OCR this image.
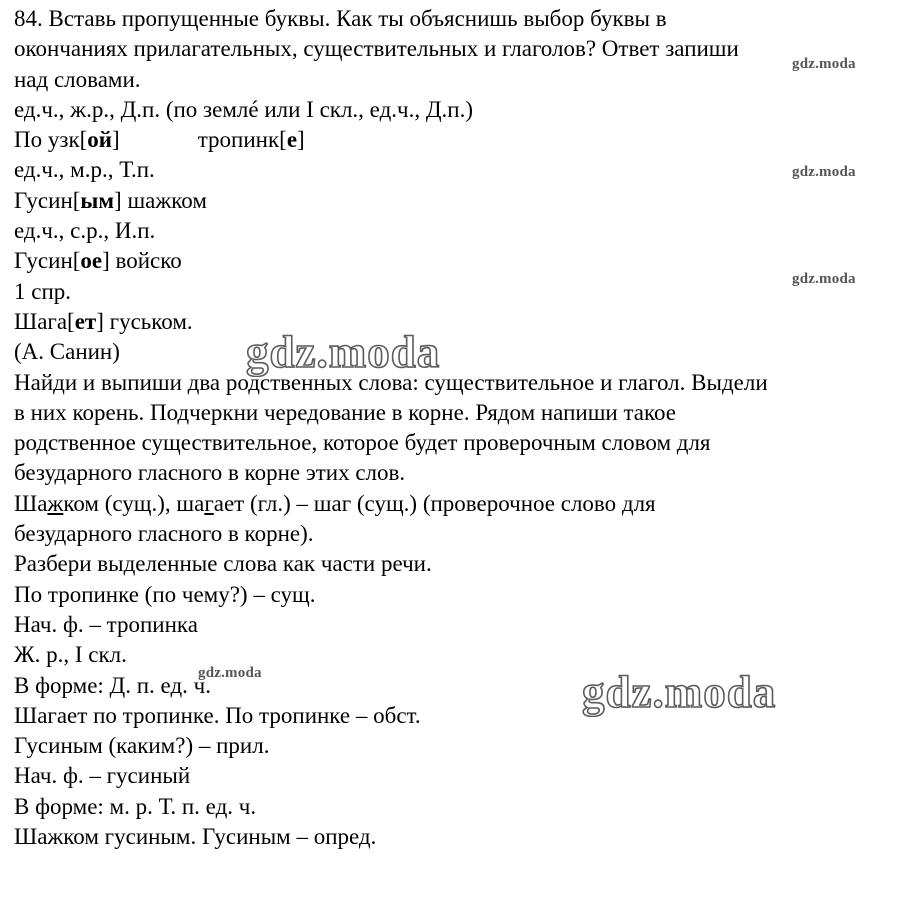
84. Вставь пропущенные буквы. Как ты объяснишь выбор буквы в

окончаниях прилагательных, существительных и глаголов? Ответ запиши

над словами.

ед.ч., ж.р., Д.п. (по землé или I скл., ед.ч., Д.п.)

По узк[ой]	тропинк[е]

ед.ч., м.р., Т.п.

Гусин[ым] шажком

ед.ч., с.р., И.п.

Гусин[ое] войско

1 спр.

Шага[ет] гуськом.

(А. Санин)

Найди и выпиши два родственных слова: существительное и глагол. Выдели

в них корень. Подчеркни чередование в корне. Рядом напиши такое

родственное существительное, которое будет проверочным словом для

безударного гласного в корне этих слов.

Шажком (сущ.), шагает (гл.) – шаг (сущ.) (проверочное слово для

безударного гласного в корне).

Разбери выделенные слова как части речи.

По тропинке (по чему?) – сущ.

Нач. ф. – тропинка

Ж. р., I скл.

В форме: Д. п. ед. ч.

Шагает по тропинке. По тропинке – обст.

Гусиным (каким?) – прил.

Нач. ф. – гусиный

В форме: м. р. Т. п. ед. ч.

Шажком гусиным. Гусиным – опред.

gdz.moda
gdz.moda
gdz.moda
gdz.moda
gdz.moda
gdz.moda
